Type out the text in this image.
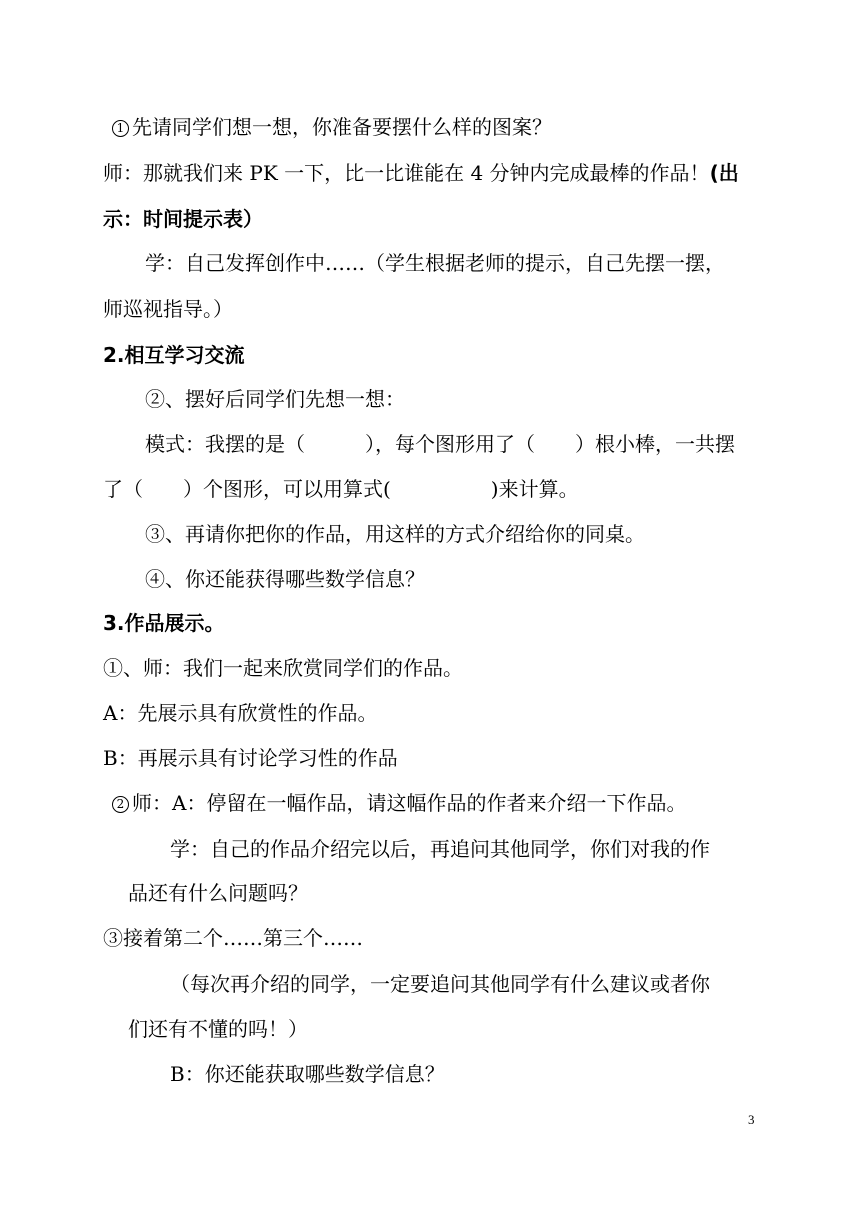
1 先请同学们想一想，你准备要摆什么样的图案？
师：那就我们来 PK 一下，比一比谁能在 4 分钟内完成最棒的作品！(出
示：时间提示表）
学：自己发挥创作中……（学生根据老师的提示，自己先摆一摆，
师巡视指导。）
2.相互学习交流
②、摆好后同学们先想一想：
模式：我摆的是（　　　），每个图形用了（　　）根小棒，一共摆
了（　　）个图形，可以用算式(　　　　　)来计算。
③、再请你把你的作品，用这样的方式介绍给你的同桌。
④、你还能获得哪些数学信息？
3.作品展示。
①、师：我们一起来欣赏同学们的作品。
A：先展示具有欣赏性的作品。
B：再展示具有讨论学习性的作品
2 师：A：停留在一幅作品，请这幅作品的作者来介绍一下作品。
学：自己的作品介绍完以后，再追问其他同学，你们对我的作
品还有什么问题吗？
③接着第二个……第三个……
（每次再介绍的同学，一定要追问其他同学有什么建议或者你
们还有不懂的吗！）
B：你还能获取哪些数学信息？
3
